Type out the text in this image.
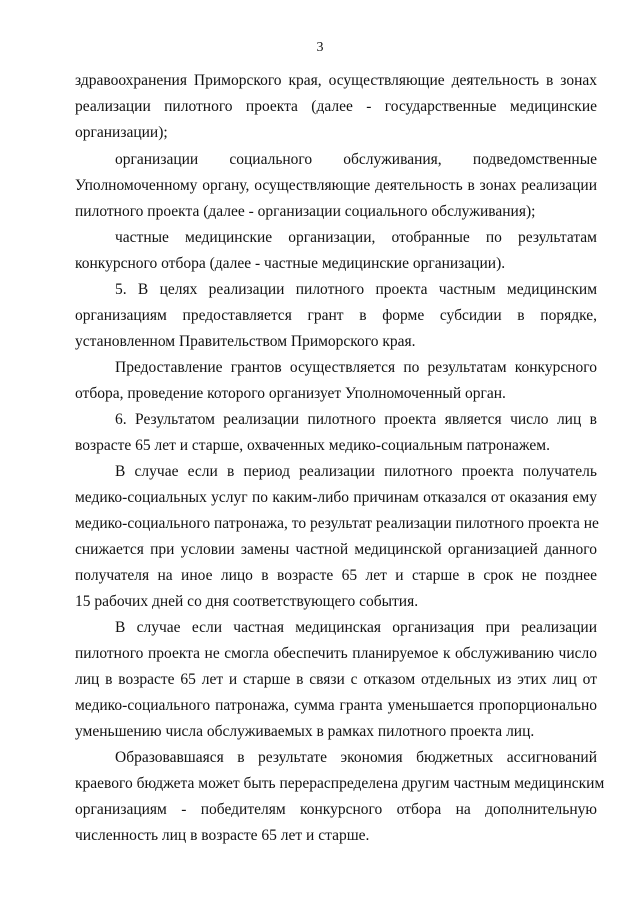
3
здравоохранения Приморского края, осуществляющие деятельность в зонах
реализации пилотного проекта (далее - государственные медицинские
организации);
организации социального обслуживания, подведомственные
Уполномоченному органу, осуществляющие деятельность в зонах реализации
пилотного проекта (далее - организации социального обслуживания);
частные медицинские организации, отобранные по результатам
конкурсного отбора (далее - частные медицинские организации).
5. В целях реализации пилотного проекта частным медицинским
организациям предоставляется грант в форме субсидии в порядке,
установленном Правительством Приморского края.
Предоставление грантов осуществляется по результатам конкурсного
отбора, проведение которого организует Уполномоченный орган.
6. Результатом реализации пилотного проекта является число лиц в
возрасте 65 лет и старше, охваченных медико-социальным патронажем.
В случае если в период реализации пилотного проекта получатель
медико-социальных услуг по каким-либо причинам отказался от оказания ему
медико-социального патронажа, то результат реализации пилотного проекта не
снижается при условии замены частной медицинской организацией данного
получателя на иное лицо в возрасте 65 лет и старше в срок не позднее
15 рабочих дней со дня соответствующего события.
В случае если частная медицинская организация при реализации
пилотного проекта не смогла обеспечить планируемое к обслуживанию число
лиц в возрасте 65 лет и старше в связи с отказом отдельных из этих лиц от
медико-социального патронажа, сумма гранта уменьшается пропорционально
уменьшению числа обслуживаемых в рамках пилотного проекта лиц.
Образовавшаяся в результате экономия бюджетных ассигнований
краевого бюджета может быть перераспределена другим частным медицинским
организациям - победителям конкурсного отбора на дополнительную
численность лиц в возрасте 65 лет и старше.
